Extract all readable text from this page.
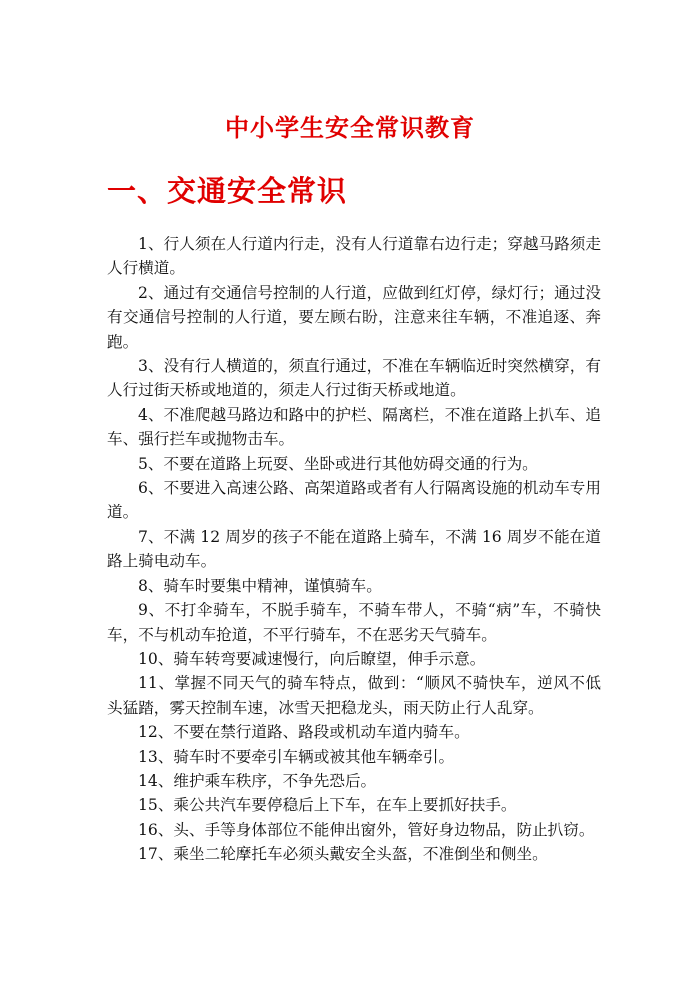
中小学生安全常识教育
一、交通安全常识
1、行人须在人行道内行走，没有人行道靠右边行走；穿越马路须走人行横道。
2、通过有交通信号控制的人行道，应做到红灯停，绿灯行；通过没有交通信号控制的人行道，要左顾右盼，注意来往车辆，不准追逐、奔跑。
3、没有行人横道的，须直行通过，不准在车辆临近时突然横穿，有人行过街天桥或地道的，须走人行过街天桥或地道。
4、不准爬越马路边和路中的护栏、隔离栏，不准在道路上扒车、追车、强行拦车或抛物击车。
5、不要在道路上玩耍、坐卧或进行其他妨碍交通的行为。
6、不要进入高速公路、高架道路或者有人行隔离设施的机动车专用道。
7、不满 12 周岁的孩子不能在道路上骑车，不满 16 周岁不能在道路上骑电动车。
8、骑车时要集中精神，谨慎骑车。
9、不打伞骑车，不脱手骑车，不骑车带人，不骑“病”车，不骑快车，不与机动车抢道，不平行骑车，不在恶劣天气骑车。
10、骑车转弯要减速慢行，向后瞭望，伸手示意。
11、掌握不同天气的骑车特点，做到：“顺风不骑快车，逆风不低头猛踏，雾天控制车速，冰雪天把稳龙头，雨天防止行人乱穿。
12、不要在禁行道路、路段或机动车道内骑车。
13、骑车时不要牵引车辆或被其他车辆牵引。
14、维护乘车秩序，不争先恐后。
15、乘公共汽车要停稳后上下车，在车上要抓好扶手。
16、头、手等身体部位不能伸出窗外，管好身边物品，防止扒窃。
17、乘坐二轮摩托车必须头戴安全头盔，不准倒坐和侧坐。
